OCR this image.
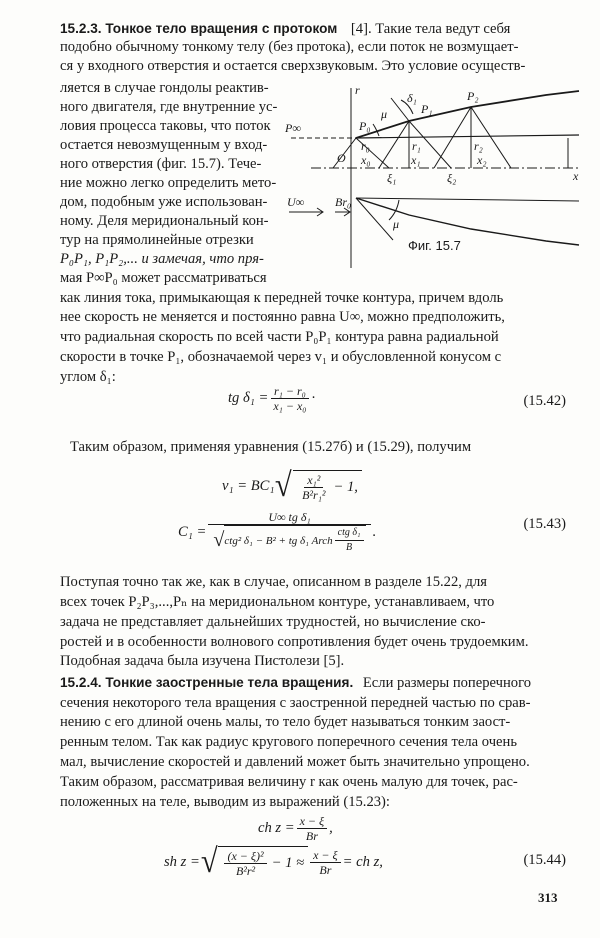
15.2.3. Тонкое тело вращения с протоком [4]. Такие тела ведут себя
подобно обычному тонкому телу (без протока), если поток не возмущает-
ся у входного отверстия и остается сверхзвуковым. Это условие осуществ-
ляется в случае гондолы реактив-
ного двигателя, где внутренние ус-
ловия процесса таковы, что поток
остается невозмущенным у вход-
ного отверстия (фиг. 15.7). Тече-
ние можно легко определить мето-
дом, подобным уже использован-
ному. Деля меридиональный кон-
тур на прямолинейные отрезки
P₀P₁, P₁P₂,... и замечая, что пря-
мая P∞P₀ может рассматриваться
как линия тока, примыкающая к передней точке контура, причем вдоль
нее скорость не меняется и постоянно равна U∞, можно предположить,
что радиальная скорость по всей части P₀P₁ контура равна радиальной
скорости в точке P₁, обозначаемой через v₁ и обусловленной конусом с
углом δ₁:
r
δ₁
P₁
P₂
μ
P∞	P₀
r₀	r₁	r₂
O x₀	x₁	x₂
ξ₁	ξ₂	x
U∞	Br₀
μ
Фиг. 15.7
tg $\delta_1 = \frac{\text{r₁ − r₀}}{\text{x₁ − x₀}}$ ·	(15.42)
Таким образом, применяя уравнения (15.27б) и (15.29), получим
v₁ = BC₁ √ $\frac{\text{x₁²}}{\text{B²r₁²}} - 1$,
C₁ =
U∞ tg δ₁
√ ctg² δ₁ − B² + tg δ₁ Arch $\frac{\text{ctg δ₁}}{B}$ .	(15.43)
Поступая точно так же, как в случае, описанном в разделе 15.22, для
всех точек P₂P₃,...,Pₙ на меридиональном контуре, устанавливаем, что
задача не представляет дальнейших трудностей, но вычисление ско-
ростей и в особенности волнового сопротивления будет очень трудоемким.
Подобная задача была изучена Пистолези [5].
15.2.4. Тонкие заостренные тела вращения. Если размеры поперечного
сечения некоторого тела вращения с заостренной передней частью по срав-
нению с его длиной очень малы, то тело будет называться тонким заост-
ренным телом. Так как радиус кругового поперечного сечения тела очень
мал, вычисление скоростей и давлений может быть значительно упрощено.
Таким образом, рассматривая величину r как очень малую для точек, рас-
положенных на теле, выводим из выражений (15.23):
ch $z = \frac{x - \xi}{Br}$ ,
sh z = √ $\frac{\text{(x − ξ)²}}{\text{B²r²}} - 1 \approx \frac{x - \xi}{Br}$ = ch z,	(15.44)
313
